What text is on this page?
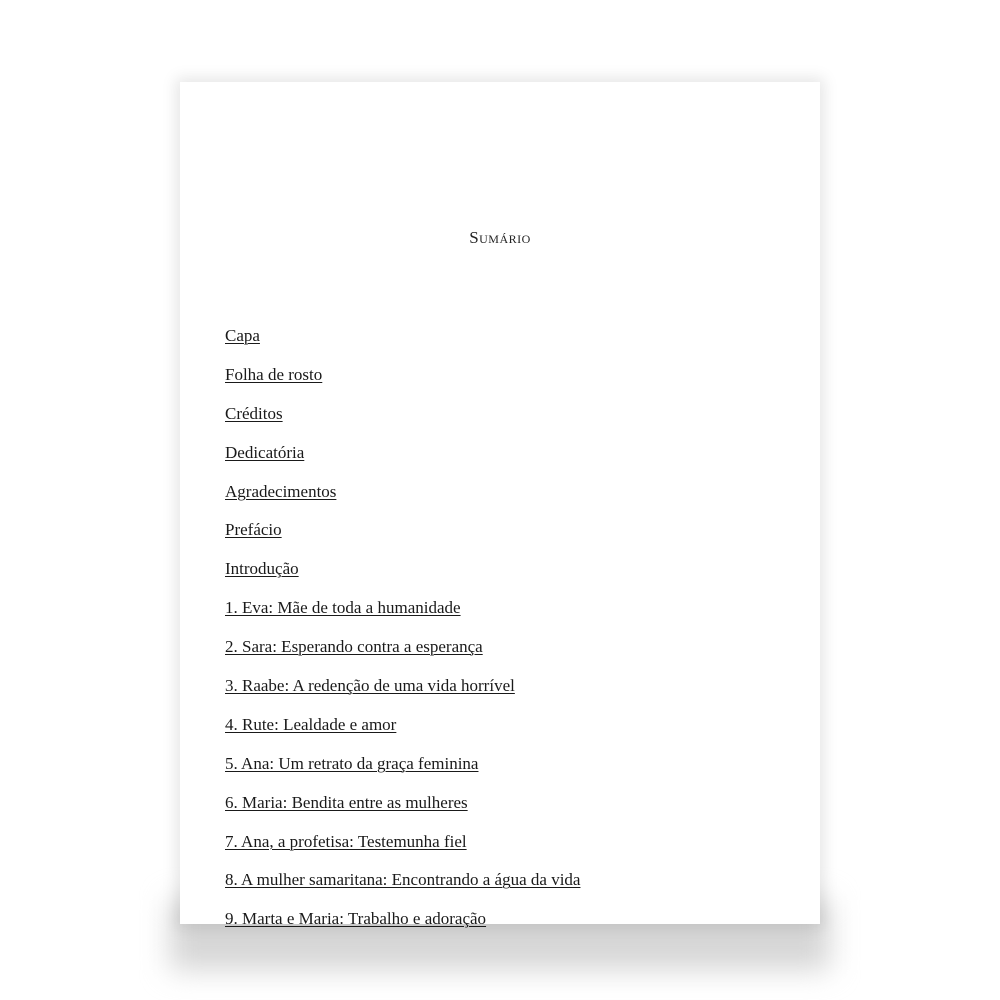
Sumário
Capa
Folha de rosto
Créditos
Dedicatória
Agradecimentos
Prefácio
Introdução
1. Eva: Mãe de toda a humanidade
2. Sara: Esperando contra a esperança
3. Raabe: A redenção de uma vida horrível
4. Rute: Lealdade e amor
5. Ana: Um retrato da graça feminina
6. Maria: Bendita entre as mulheres
7. Ana, a profetisa: Testemunha fiel
8. A mulher samaritana: Encontrando a água da vida
9. Marta e Maria: Trabalho e adoração
